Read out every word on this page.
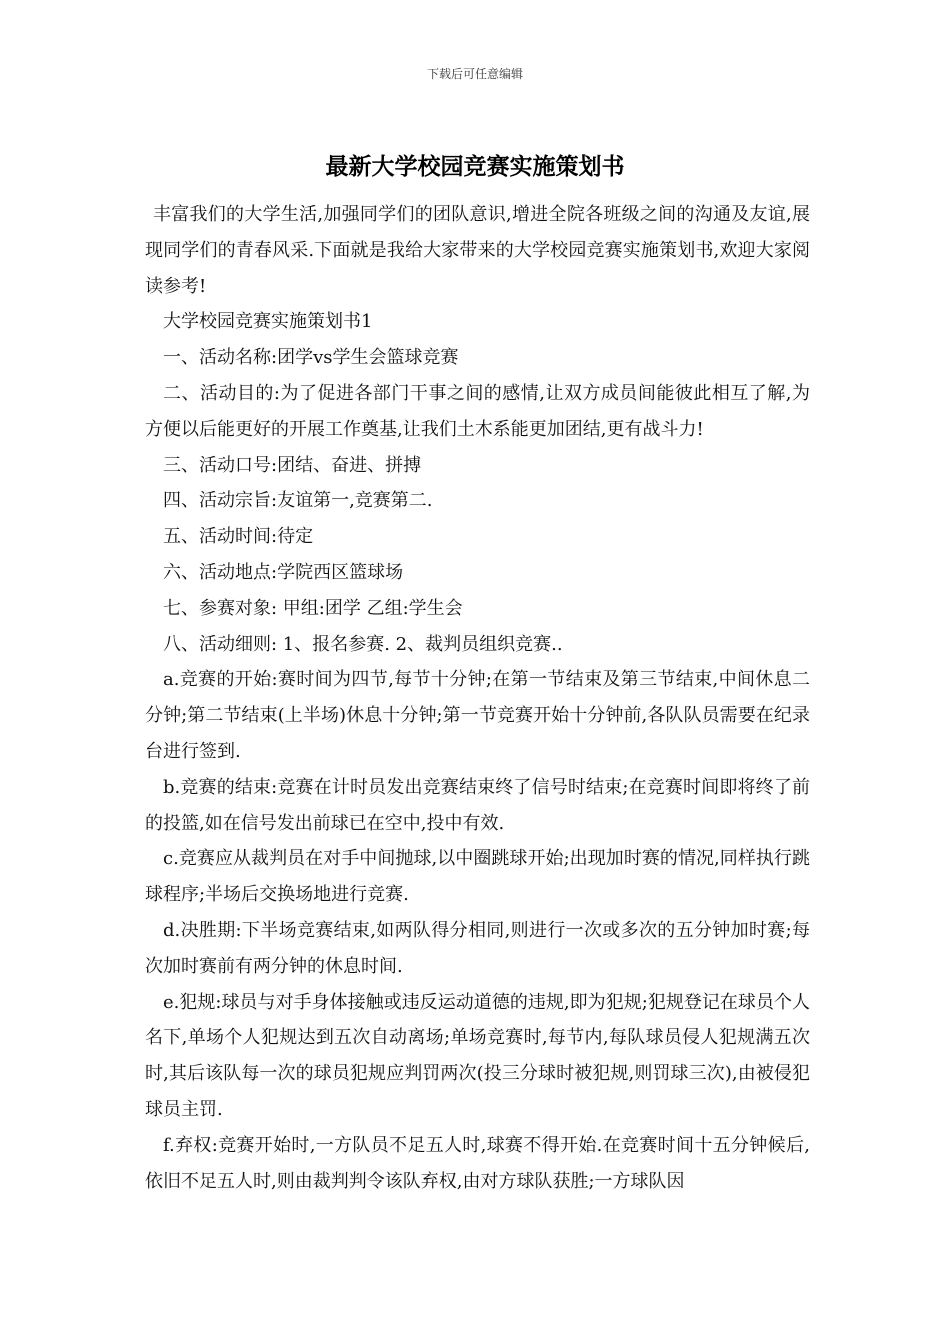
下载后可任意编辑
最新大学校园竞赛实施策划书

丰富我们的大学生活,加强同学们的团队意识,增进全院各班级之间的沟通及友谊,展现同学们的青春风采.下面就是我给大家带来的大学校园竞赛实施策划书,欢迎大家阅读参考!

大学校园竞赛实施策划书1

一、活动名称:团学vs学生会篮球竞赛

二、活动目的:为了促进各部门干事之间的感情,让双方成员间能彼此相互了解,为方便以后能更好的开展工作奠基,让我们土木系能更加团结,更有战斗力!

三、活动口号:团结、奋进、拼搏

四、活动宗旨:友谊第一,竞赛第二.

五、活动时间:待定

六、活动地点:学院西区篮球场

七、参赛对象: 甲组:团学 乙组:学生会

八、活动细则: 1、报名参赛. 2、裁判员组织竞赛..

a.竞赛的开始:赛时间为四节,每节十分钟;在第一节结束及第三节结束,中间休息二分钟;第二节结束(上半场)休息十分钟;第一节竞赛开始十分钟前,各队队员需要在纪录台进行签到.

b.竞赛的结束:竞赛在计时员发出竞赛结束终了信号时结束;在竞赛时间即将终了前的投篮,如在信号发出前球已在空中,投中有效.

c.竞赛应从裁判员在对手中间抛球,以中圈跳球开始;出现加时赛的情况,同样执行跳球程序;半场后交换场地进行竞赛.

d.决胜期:下半场竞赛结束,如两队得分相同,则进行一次或多次的五分钟加时赛;每次加时赛前有两分钟的休息时间.

e.犯规:球员与对手身体接触或违反运动道德的违规,即为犯规;犯规登记在球员个人名下,单场个人犯规达到五次自动离场;单场竞赛时,每节内,每队球员侵人犯规满五次时,其后该队每一次的球员犯规应判罚两次(投三分球时被犯规,则罚球三次),由被侵犯球员主罚.

f.弃权:竞赛开始时,一方队员不足五人时,球赛不得开始.在竞赛时间十五分钟候后,依旧不足五人时,则由裁判判令该队弃权,由对方球队获胜;一方球队因
